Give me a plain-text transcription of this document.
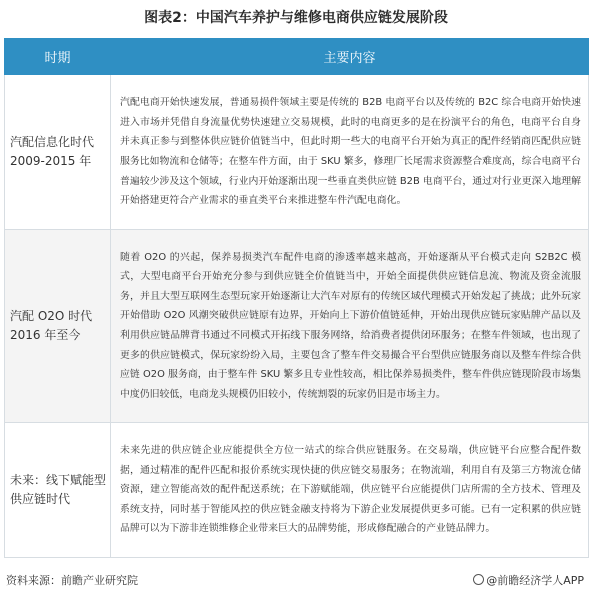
图表2：中国汽车养护与维修电商供应链发展阶段
时期	主要内容

汽配信息化时代
2009-2015 年	汽配电商开始快速发展，普通易损件领域主要是传统的 B2B 电商平台以及传统的 B2C 综合电商开始快速进入市场并凭借自身流量优势快速建立交易规模，此时的电商更多的是在扮演平台的角色，电商平台自身并未真正参与到整体供应链价值链当中，但此时期一些大的电商平台开始为真正的配件经销商匹配供应链服务比如物流和仓储等；在整车件方面，由于 SKU 繁多，修理厂长尾需求资源整合难度高，综合电商平台普遍较少涉及这个领域，行业内开始逐渐出现一些垂直类供应链 B2B 电商平台，通过对行业更深入地理解开始搭建更符合产业需求的垂直类平台来推进整车件汽配电商化。

汽配 O2O 时代
2016 年至今	随着 O2O 的兴起，保养易损类汽车配件电商的渗透率越来越高，开始逐渐从平台模式走向 S2B2C 模式，大型电商平台开始充分参与到供应链全价值链当中，开始全面提供供应链信息流、物流及资金流服务，并且大型互联网生态型玩家开始逐渐让大汽车对原有的传统区域代理模式开始发起了挑战；此外玩家开始借助 O2O 风潮突破供应链原有边界，开始向上下游价值链延伸，开始出现供应链玩家贴牌产品以及利用供应链品牌背书通过不同模式开拓线下服务网络，给消费者提供闭环服务；在整车件领域，也出现了更多的供应链模式，保玩家纷纷入局，主要包含了整车件交易撮合平台型供应链服务商以及整车件综合供应链 O2O 服务商，由于整车件 SKU 繁多且专业性较高，相比保养易损类件，整车件供应链现阶段市场集中度仍旧较低，电商龙头规模仍旧较小，传统割裂的玩家仍旧是市场主力。

未来：线下赋能型
供应链时代	未来先进的供应链企业应能提供全方位一站式的综合供应链服务。在交易端，供应链平台应整合配件数据，通过精准的配件匹配和报价系统实现快捷的供应链交易服务；在物流端，利用自有及第三方物流仓储资源，建立智能高效的配件配送系统；在下游赋能端，供应链平台应能提供门店所需的全方技术、管理及系统支持，同时基于智能风控的供应链金融支持将为下游企业发展提供更多可能。已有一定积累的供应链品牌可以为下游非连锁维修企业带来巨大的品牌势能，形成修配融合的产业链品牌力。
资料来源：前瞻产业研究院	@前瞻经济学人APP
